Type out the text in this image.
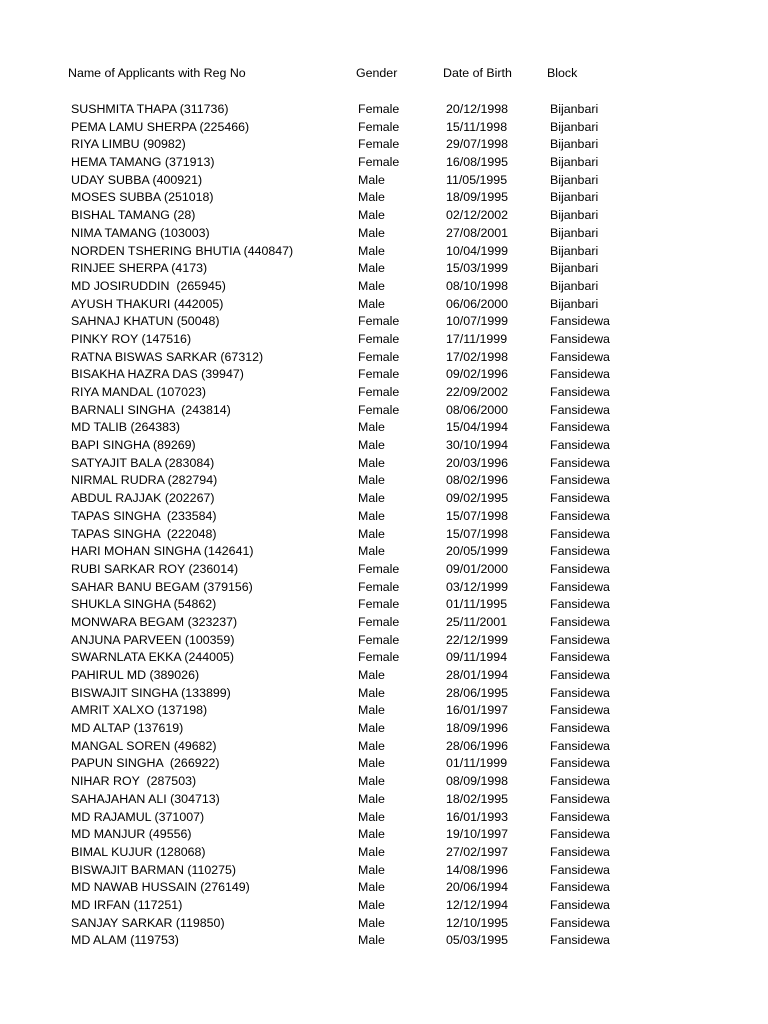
Name of Applicants with Reg No	Gender	Date of Birth	Block
SUSHMITA THAPA (311736)	Female	20/12/1998	Bijanbari
PEMA LAMU SHERPA (225466)	Female	15/11/1998	Bijanbari
RIYA LIMBU (90982)	Female	29/07/1998	Bijanbari
HEMA TAMANG (371913)	Female	16/08/1995	Bijanbari
UDAY SUBBA (400921)	Male	11/05/1995	Bijanbari
MOSES SUBBA (251018)	Male	18/09/1995	Bijanbari
BISHAL TAMANG (28)	Male	02/12/2002	Bijanbari
NIMA TAMANG (103003)	Male	27/08/2001	Bijanbari
NORDEN TSHERING BHUTIA (440847)	Male	10/04/1999	Bijanbari
RINJEE SHERPA (4173)	Male	15/03/1999	Bijanbari
MD JOSIRUDDIN  (265945)	Male	08/10/1998	Bijanbari
AYUSH THAKURI (442005)	Male	06/06/2000	Bijanbari
SAHNAJ KHATUN (50048)	Female	10/07/1999	Fansidewa
PINKY ROY (147516)	Female	17/11/1999	Fansidewa
RATNA BISWAS SARKAR (67312)	Female	17/02/1998	Fansidewa
BISAKHA HAZRA DAS (39947)	Female	09/02/1996	Fansidewa
RIYA MANDAL (107023)	Female	22/09/2002	Fansidewa
BARNALI SINGHA  (243814)	Female	08/06/2000	Fansidewa
MD TALIB (264383)	Male	15/04/1994	Fansidewa
BAPI SINGHA (89269)	Male	30/10/1994	Fansidewa
SATYAJIT BALA (283084)	Male	20/03/1996	Fansidewa
NIRMAL RUDRA (282794)	Male	08/02/1996	Fansidewa
ABDUL RAJJAK (202267)	Male	09/02/1995	Fansidewa
TAPAS SINGHA  (233584)	Male	15/07/1998	Fansidewa
TAPAS SINGHA  (222048)	Male	15/07/1998	Fansidewa
HARI MOHAN SINGHA (142641)	Male	20/05/1999	Fansidewa
RUBI SARKAR ROY (236014)	Female	09/01/2000	Fansidewa
SAHAR BANU BEGAM (379156)	Female	03/12/1999	Fansidewa
SHUKLA SINGHA (54862)	Female	01/11/1995	Fansidewa
MONWARA BEGAM (323237)	Female	25/11/2001	Fansidewa
ANJUNA PARVEEN (100359)	Female	22/12/1999	Fansidewa
SWARNLATA EKKA (244005)	Female	09/11/1994	Fansidewa
PAHIRUL MD (389026)	Male	28/01/1994	Fansidewa
BISWAJIT SINGHA (133899)	Male	28/06/1995	Fansidewa
AMRIT XALXO (137198)	Male	16/01/1997	Fansidewa
MD ALTAP (137619)	Male	18/09/1996	Fansidewa
MANGAL SOREN (49682)	Male	28/06/1996	Fansidewa
PAPUN SINGHA  (266922)	Male	01/11/1999	Fansidewa
NIHAR ROY  (287503)	Male	08/09/1998	Fansidewa
SAHAJAHAN ALI (304713)	Male	18/02/1995	Fansidewa
MD RAJAMUL (371007)	Male	16/01/1993	Fansidewa
MD MANJUR (49556)	Male	19/10/1997	Fansidewa
BIMAL KUJUR (128068)	Male	27/02/1997	Fansidewa
BISWAJIT BARMAN (110275)	Male	14/08/1996	Fansidewa
MD NAWAB HUSSAIN (276149)	Male	20/06/1994	Fansidewa
MD IRFAN (117251)	Male	12/12/1994	Fansidewa
SANJAY SARKAR (119850)	Male	12/10/1995	Fansidewa
MD ALAM (119753)	Male	05/03/1995	Fansidewa
